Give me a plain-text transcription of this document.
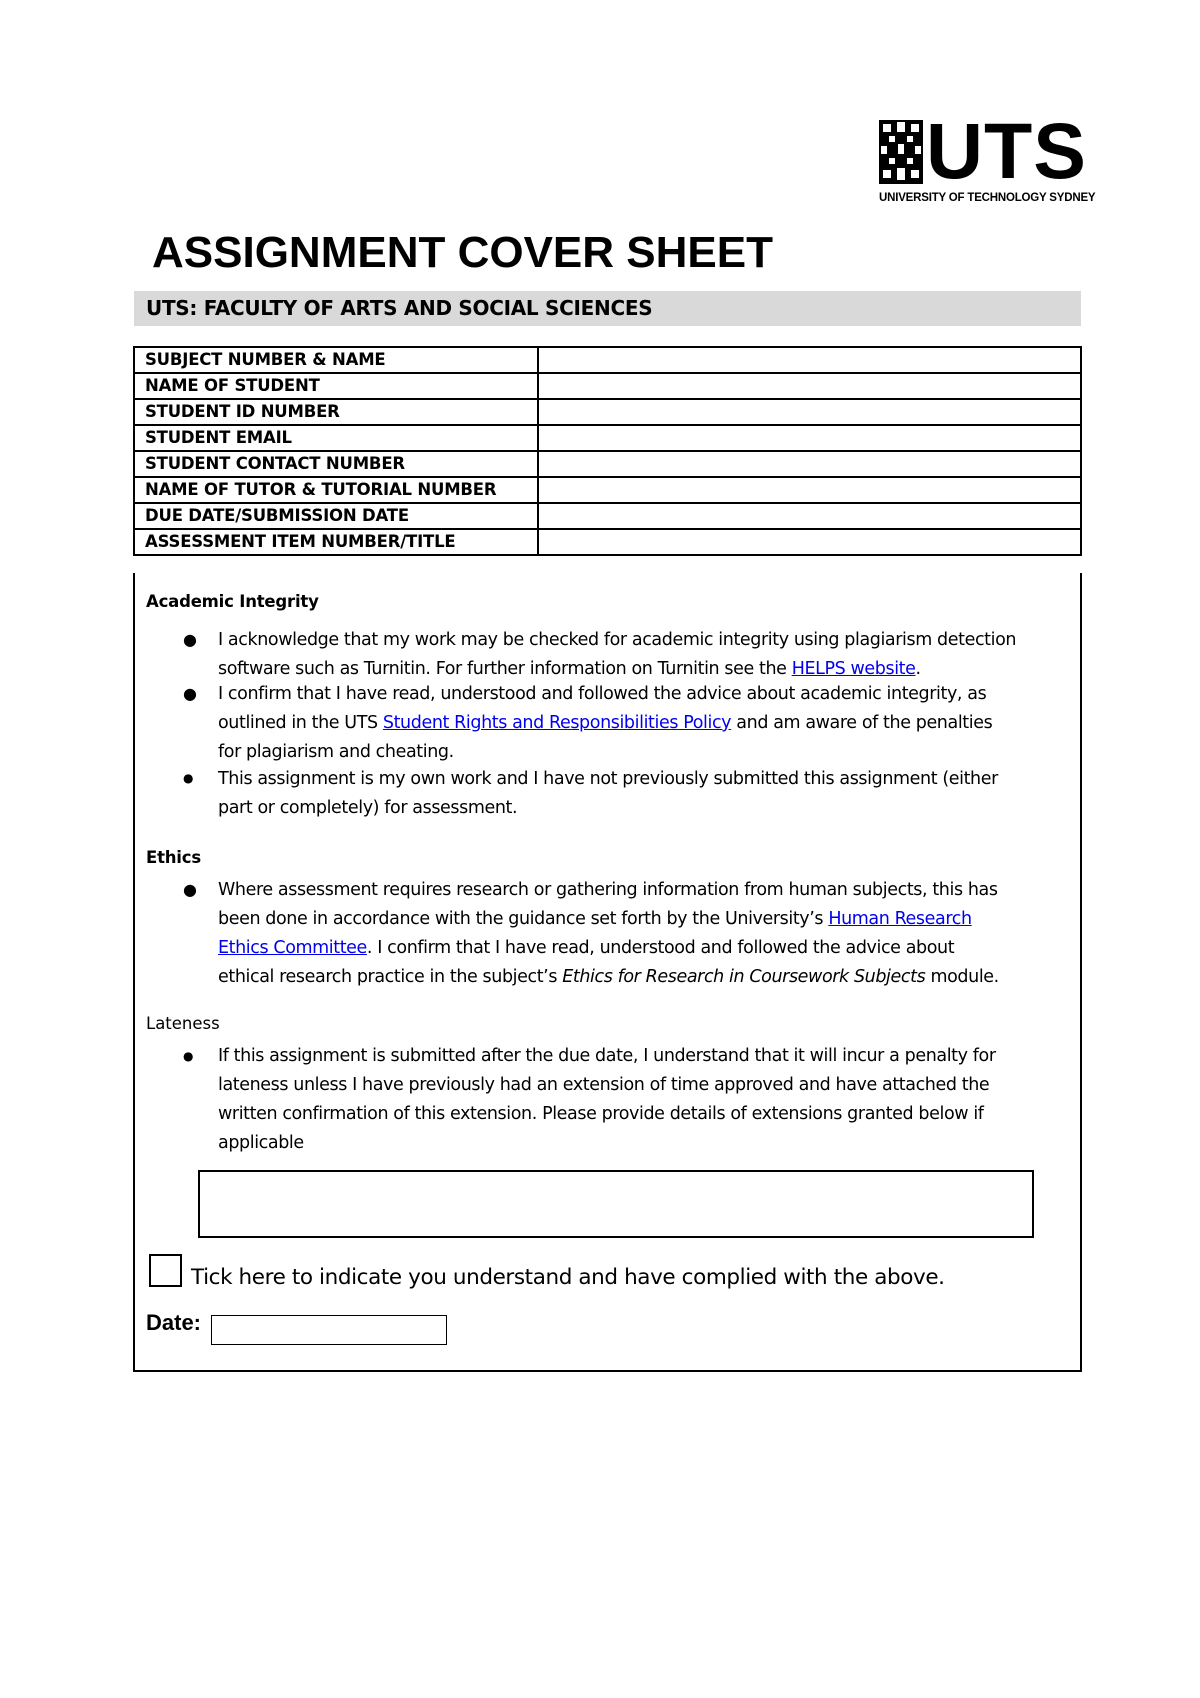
UTS
UNIVERSITY OF TECHNOLOGY SYDNEY
ASSIGNMENT COVER SHEET
UTS: FACULTY OF ARTS AND SOCIAL SCIENCES
SUBJECT NUMBER & NAME	
NAME OF STUDENT	
STUDENT ID NUMBER	
STUDENT EMAIL	
STUDENT CONTACT NUMBER	
NAME OF TUTOR & TUTORIAL NUMBER	
DUE DATE/SUBMISSION DATE	
ASSESSMENT ITEM NUMBER/TITLE	
Academic Integrity
● I acknowledge that my work may be checked for academic integrity using plagiarism detection

software such as Turnitin. For further information on Turnitin see the HELPS website.

● I confirm that I have read, understood and followed the advice about academic integrity, as

outlined in the UTS Student Rights and Responsibilities Policy and am aware of the penalties

for plagiarism and cheating.

● This assignment is my own work and I have not previously submitted this assignment (either

part or completely) for assessment.

Ethics
● Where assessment requires research or gathering information from human subjects, this has

been done in accordance with the guidance set forth by the University’s Human Research

Ethics Committee. I confirm that I have read, understood and followed the advice about

ethical research practice in the subject’s Ethics for Research in Coursework Subjects module.

Lateness
● If this assignment is submitted after the due date, I understand that it will incur a penalty for

lateness unless I have previously had an extension of time approved and have attached the

written confirmation of this extension. Please provide details of extensions granted below if

applicable

Tick here to indicate you understand and have complied with the above.
Date:
